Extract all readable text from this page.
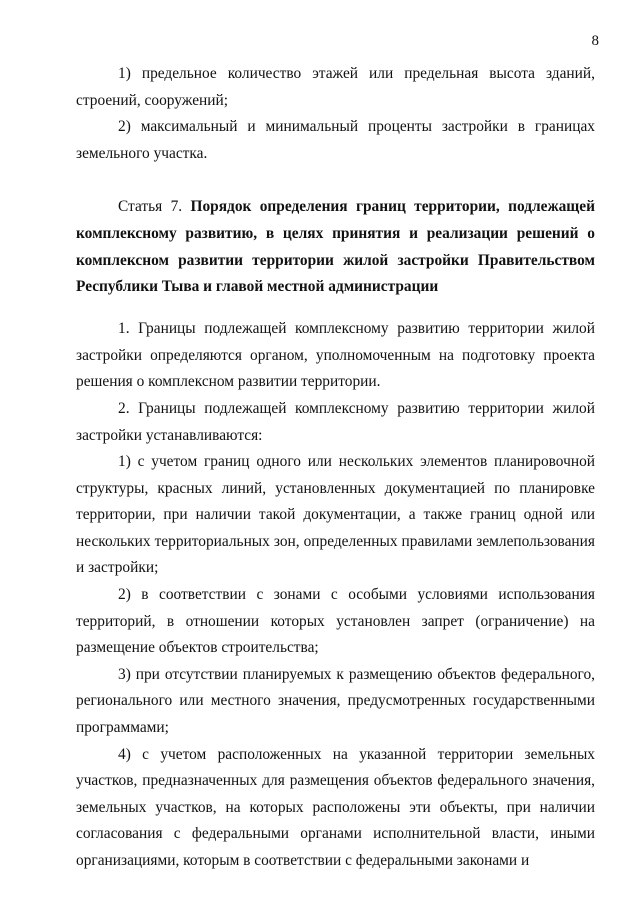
8

1) предельное количество этажей или предельная высота зданий, строений, сооружений;

2) максимальный и минимальный проценты застройки в границах земельного участка.

Статья 7. Порядок определения границ территории, подлежащей комплексному развитию, в целях принятия и реализации решений о комплексном развитии территории жилой застройки Правительством Республики Тыва и главой местной администрации

1. Границы подлежащей комплексному развитию территории жилой застройки определяются органом, уполномоченным на подготовку проекта решения о комплексном развитии территории.

2. Границы подлежащей комплексному развитию территории жилой застройки устанавливаются:

1) с учетом границ одного или нескольких элементов планировочной структуры, красных линий, установленных документацией по планировке территории, при наличии такой документации, а также границ одной или нескольких территориальных зон, определенных правилами землепользования и застройки;

2) в соответствии с зонами с особыми условиями использования территорий, в отношении которых установлен запрет (ограничение) на размещение объектов строительства;

3) при отсутствии планируемых к размещению объектов федерального, регионального или местного значения, предусмотренных государственными программами;

4) с учетом расположенных на указанной территории земельных участков, предназначенных для размещения объектов федерального значения, земельных участков, на которых расположены эти объекты, при наличии согласования с федеральными органами исполнительной власти, иными организациями, которым в соответствии с федеральными законами и
